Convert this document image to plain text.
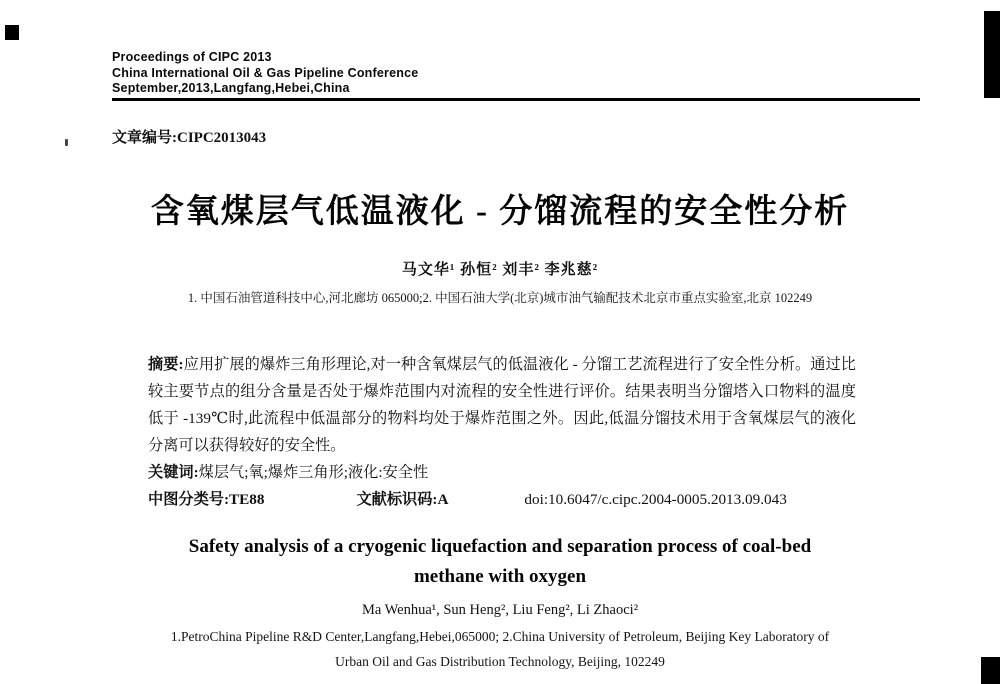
Proceedings of CIPC 2013
China International Oil & Gas Pipeline Conference
September,2013,Langfang,Hebei,China
文章编号:CIPC2013043
含氧煤层气低温液化 - 分馏流程的安全性分析
马文华¹ 孙恒² 刘丰² 李兆慈²
1. 中国石油管道科技中心,河北廊坊 065000;2. 中国石油大学(北京)城市油气输配技术北京市重点实验室,北京 102249

摘要:应用扩展的爆炸三角形理论,对一种含氧煤层气的低温液化 - 分馏工艺流程进行了安全性分析。通过比较主要节点的组分含量是否处于爆炸范围内对流程的安全性进行评价。结果表明当分馏塔入口物料的温度低于 -139℃时,此流程中低温部分的物料均处于爆炸范围之外。因此,低温分馏技术用于含氧煤层气的液化分离可以获得较好的安全性。

关键词:煤层气;氧;爆炸三角形;液化:安全性

中图分类号:TE88	文献标识码:A	doi:10.6047/c.cipc.2004-0005.2013.09.043
Safety analysis of a cryogenic liquefaction and separation process of coal-bed
methane with oxygen
Ma Wenhua¹, Sun Heng², Liu Feng², Li Zhaoci²
1.PetroChina Pipeline R&D Center,Langfang,Hebei,065000; 2.China University of Petroleum, Beijing Key Laboratory of
Urban Oil and Gas Distribution Technology, Beijing, 102249
